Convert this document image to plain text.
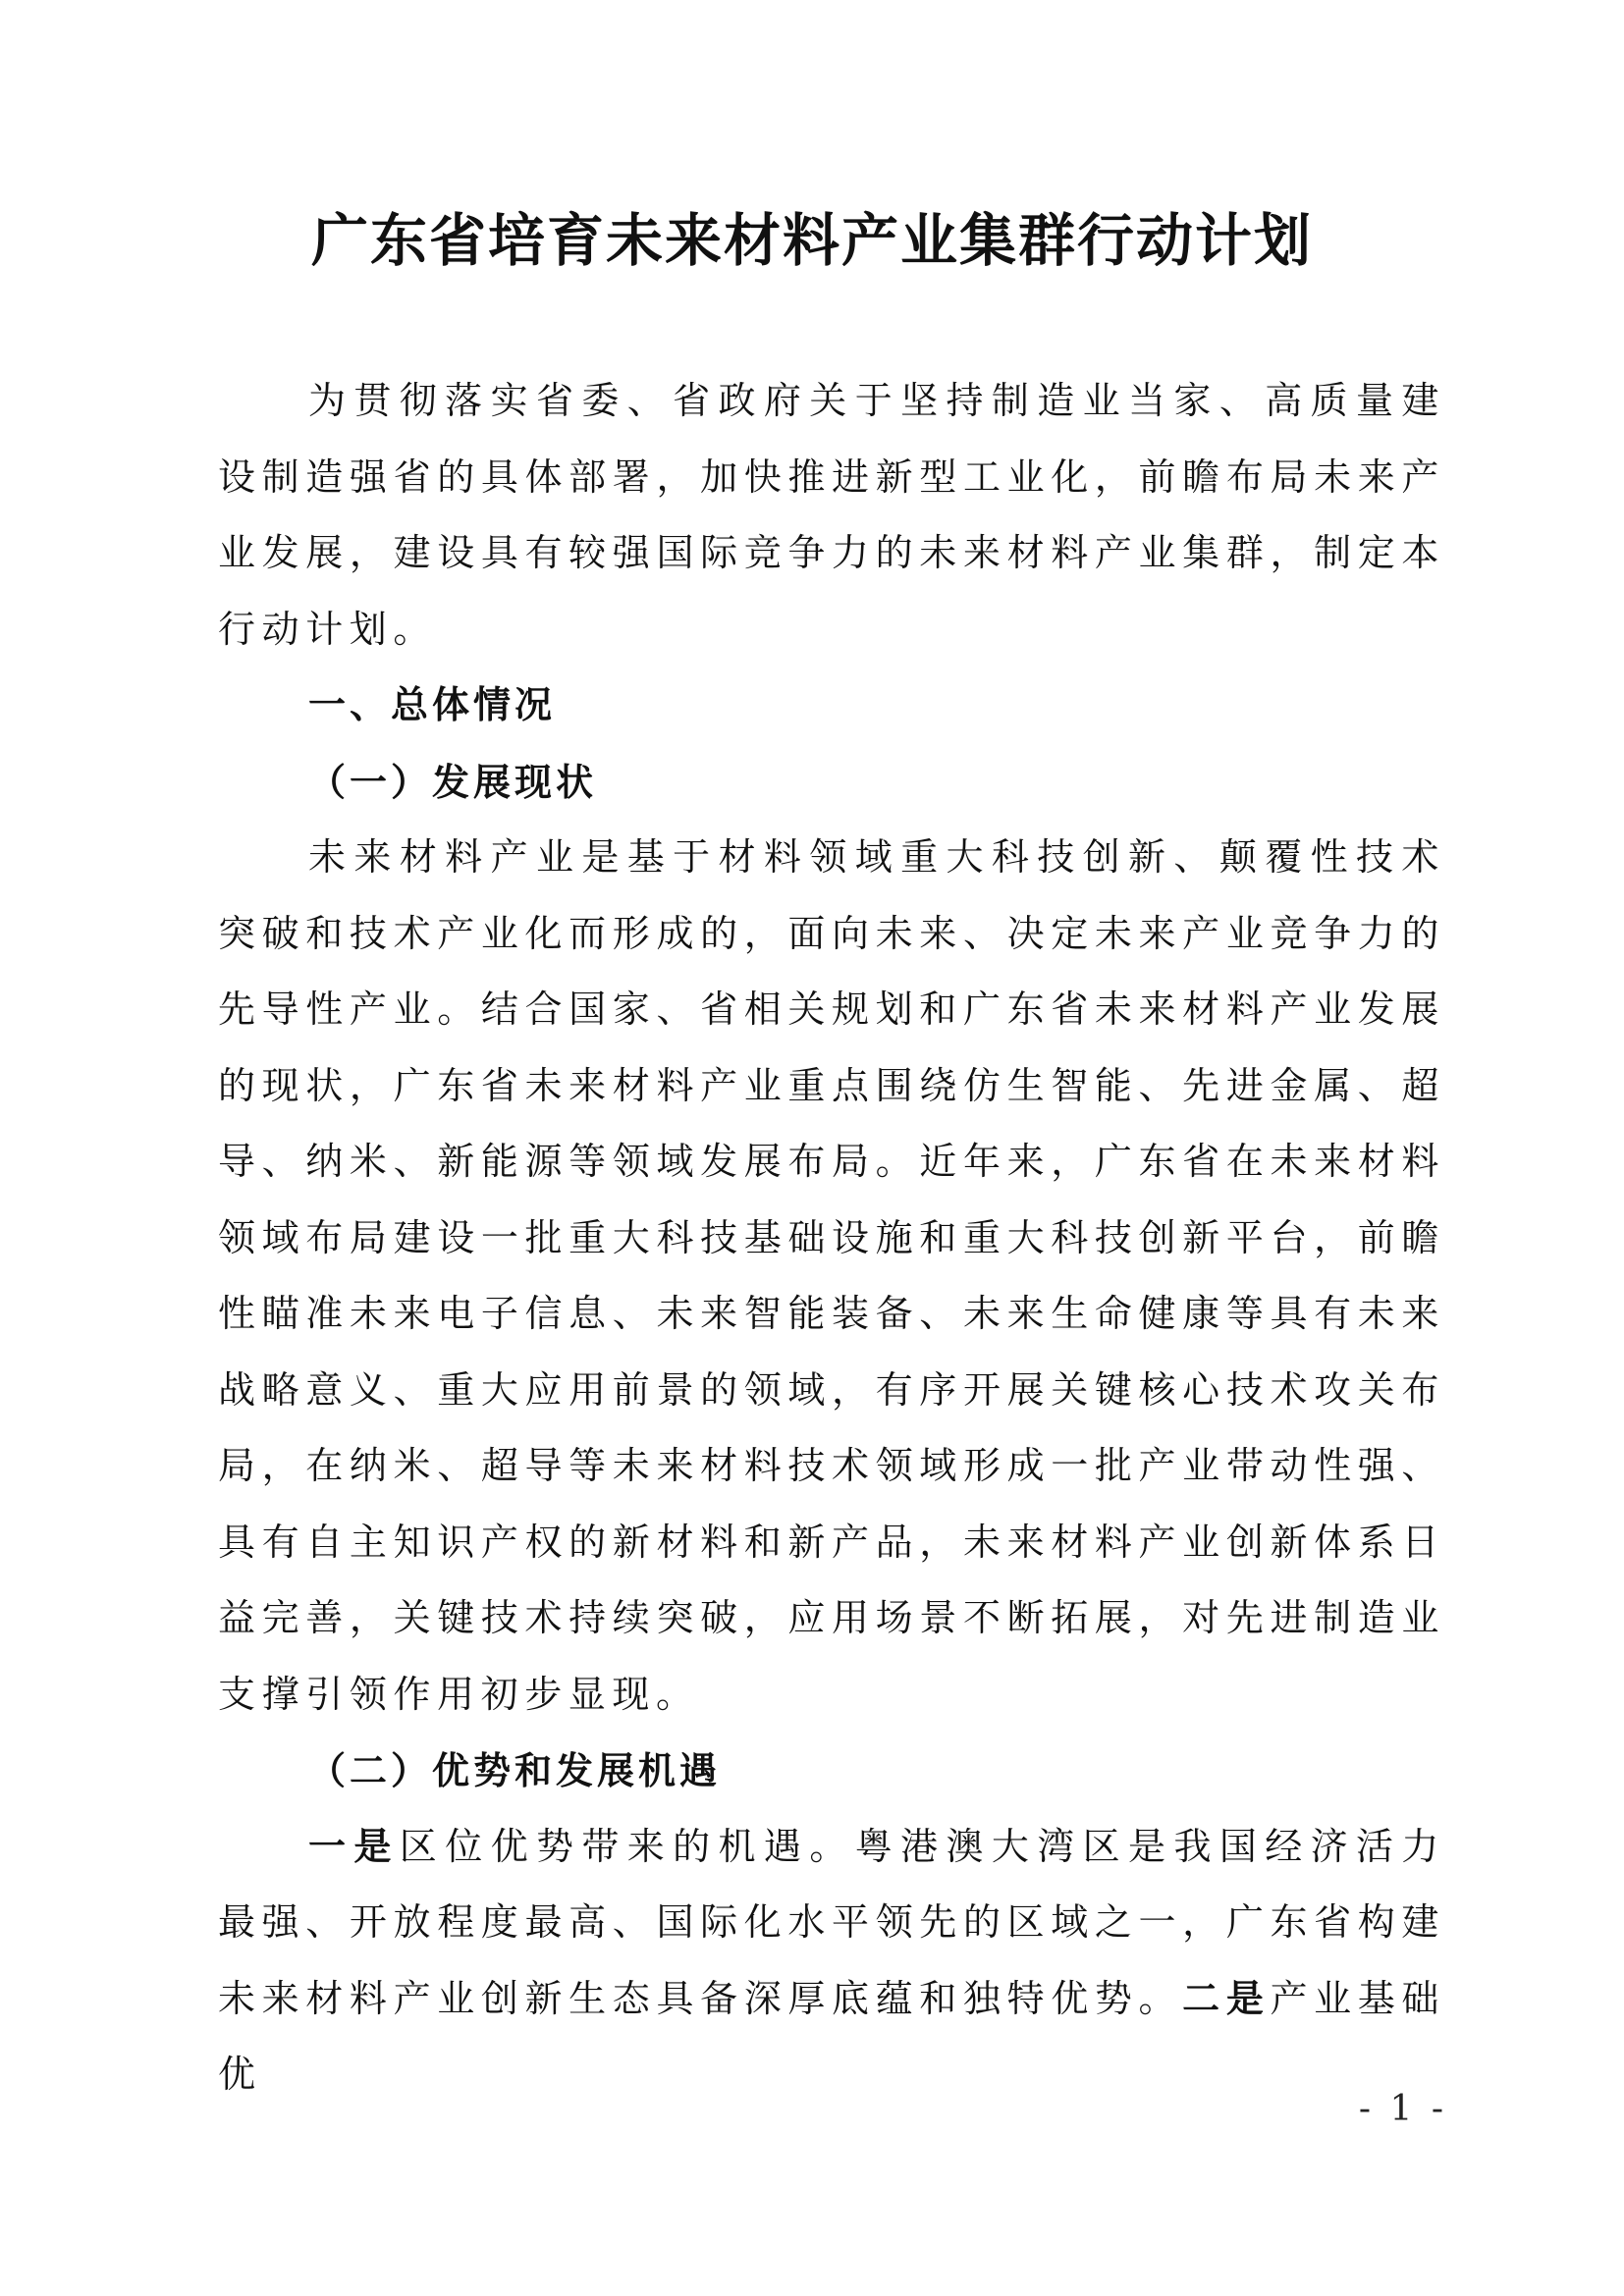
广东省培育未来材料产业集群行动计划

为贯彻落实省委、省政府关于坚持制造业当家、高质量建设制造强省的具体部署，加快推进新型工业化，前瞻布局未来产业发展，建设具有较强国际竞争力的未来材料产业集群，制定本行动计划。

一、总体情况

（一）发展现状

未来材料产业是基于材料领域重大科技创新、颠覆性技术突破和技术产业化而形成的，面向未来、决定未来产业竞争力的先导性产业。结合国家、省相关规划和广东省未来材料产业发展的现状，广东省未来材料产业重点围绕仿生智能、先进金属、超导、纳米、新能源等领域发展布局。近年来，广东省在未来材料领域布局建设一批重大科技基础设施和重大科技创新平台，前瞻性瞄准未来电子信息、未来智能装备、未来生命健康等具有未来战略意义、重大应用前景的领域，有序开展关键核心技术攻关布局，在纳米、超导等未来材料技术领域形成一批产业带动性强、具有自主知识产权的新材料和新产品，未来材料产业创新体系日益完善，关键技术持续突破，应用场景不断拓展，对先进制造业支撑引领作用初步显现。

（二）优势和发展机遇

一是区位优势带来的机遇。粤港澳大湾区是我国经济活力最强、开放程度最高、国际化水平领先的区域之一，广东省构建未来材料产业创新生态具备深厚底蕴和独特优势。二是产业基础优

- 1 -
